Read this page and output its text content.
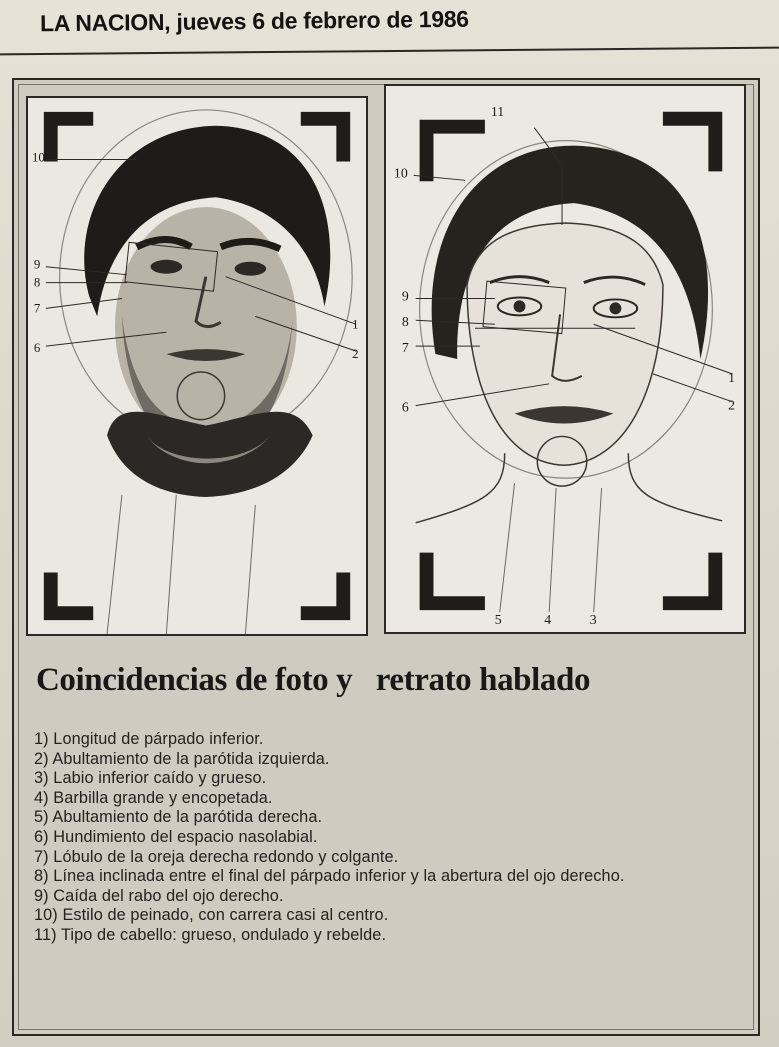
LA NACION, jueves 6 de febrero de 1986
10
9
8
7
6
1
2
11
10
9
8
7
6
1
2
5	4	3
Coincidencias de foto y   retrato hablado
1) Longitud de párpado inferior.
2) Abultamiento de la parótida izquierda.
3) Labio inferior caído y grueso.
4) Barbilla grande y encopetada.
5) Abultamiento de la parótida derecha.
6) Hundimiento del espacio nasolabial.
7) Lóbulo de la oreja derecha redondo y colgante.
8) Línea inclinada entre el final del párpado inferior y la abertura del ojo derecho.
9) Caída del rabo del ojo derecho.
10) Estilo de peinado, con carrera casi al centro.
11) Tipo de cabello: grueso, ondulado y rebelde.
